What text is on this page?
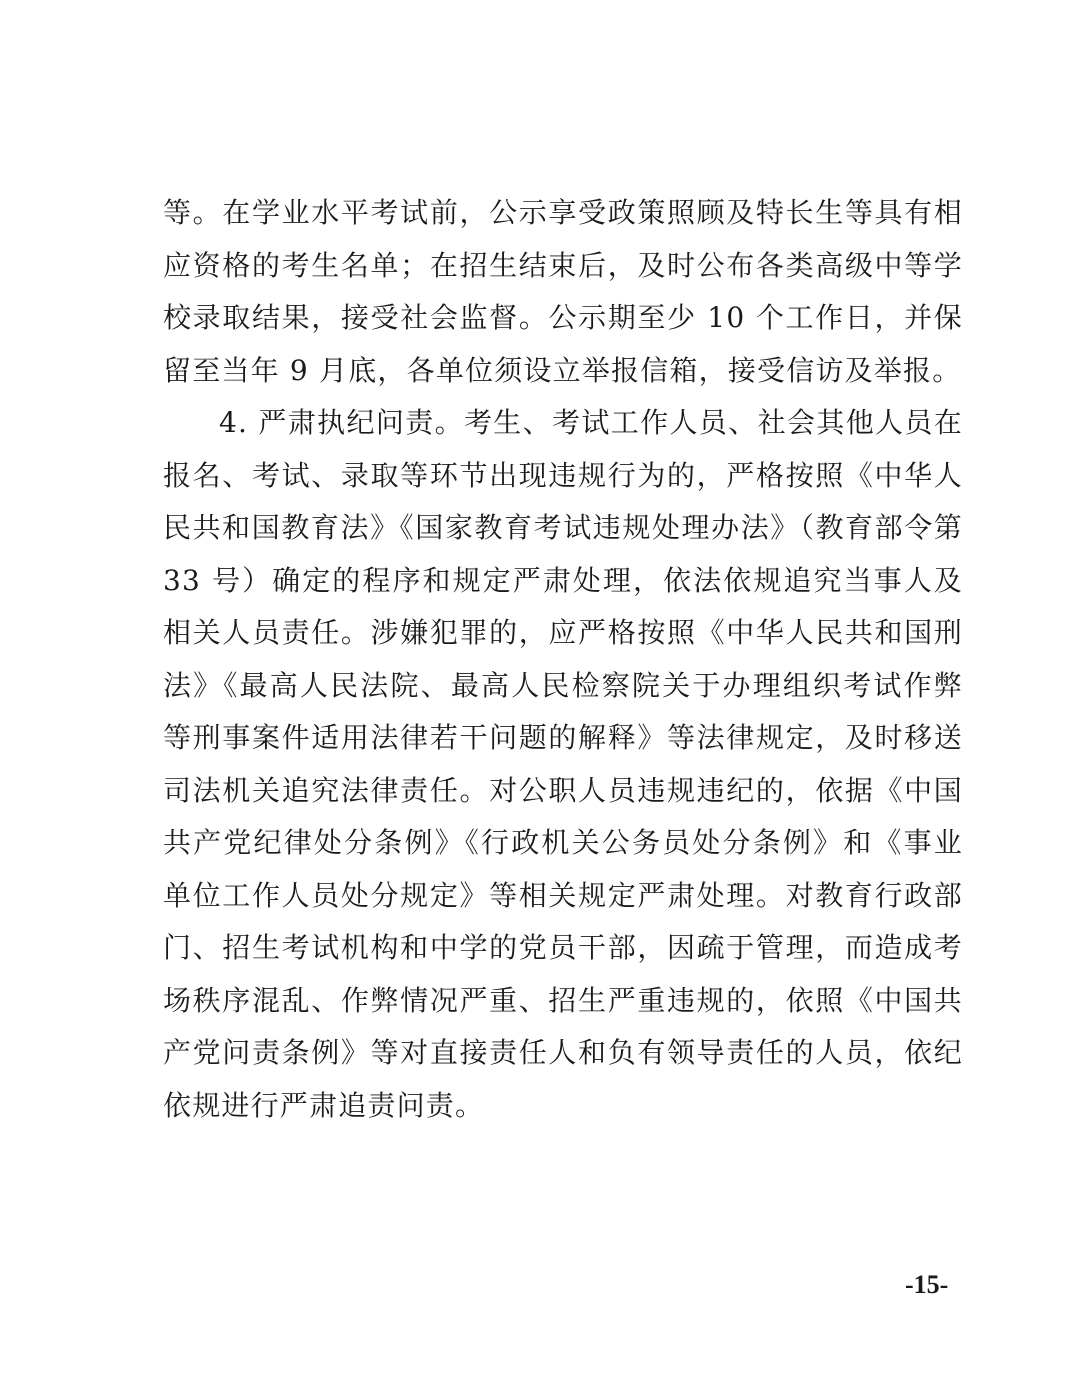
等。在学业水平考试前，公示享受政策照顾及特长生等具有相应资格的考生名单；在招生结束后，及时公布各类高级中等学校录取结果，接受社会监督。公示期至少 10 个工作日，并保留至当年 9 月底，各单位须设立举报信箱，接受信访及举报。

4. 严肃执纪问责。考生、考试工作人员、社会其他人员在报名、考试、录取等环节出现违规行为的，严格按照《中华人民共和国教育法》《国家教育考试违规处理办法》（教育部令第 33 号）确定的程序和规定严肃处理，依法依规追究当事人及相关人员责任。涉嫌犯罪的，应严格按照《中华人民共和国刑法》《最高人民法院、最高人民检察院关于办理组织考试作弊等刑事案件适用法律若干问题的解释》等法律规定，及时移送司法机关追究法律责任。对公职人员违规违纪的，依据《中国共产党纪律处分条例》《行政机关公务员处分条例》和《事业单位工作人员处分规定》等相关规定严肃处理。对教育行政部门、招生考试机构和中学的党员干部，因疏于管理，而造成考场秩序混乱、作弊情况严重、招生严重违规的，依照《中国共产党问责条例》等对直接责任人和负有领导责任的人员，依纪依规进行严肃追责问责。

-15-
